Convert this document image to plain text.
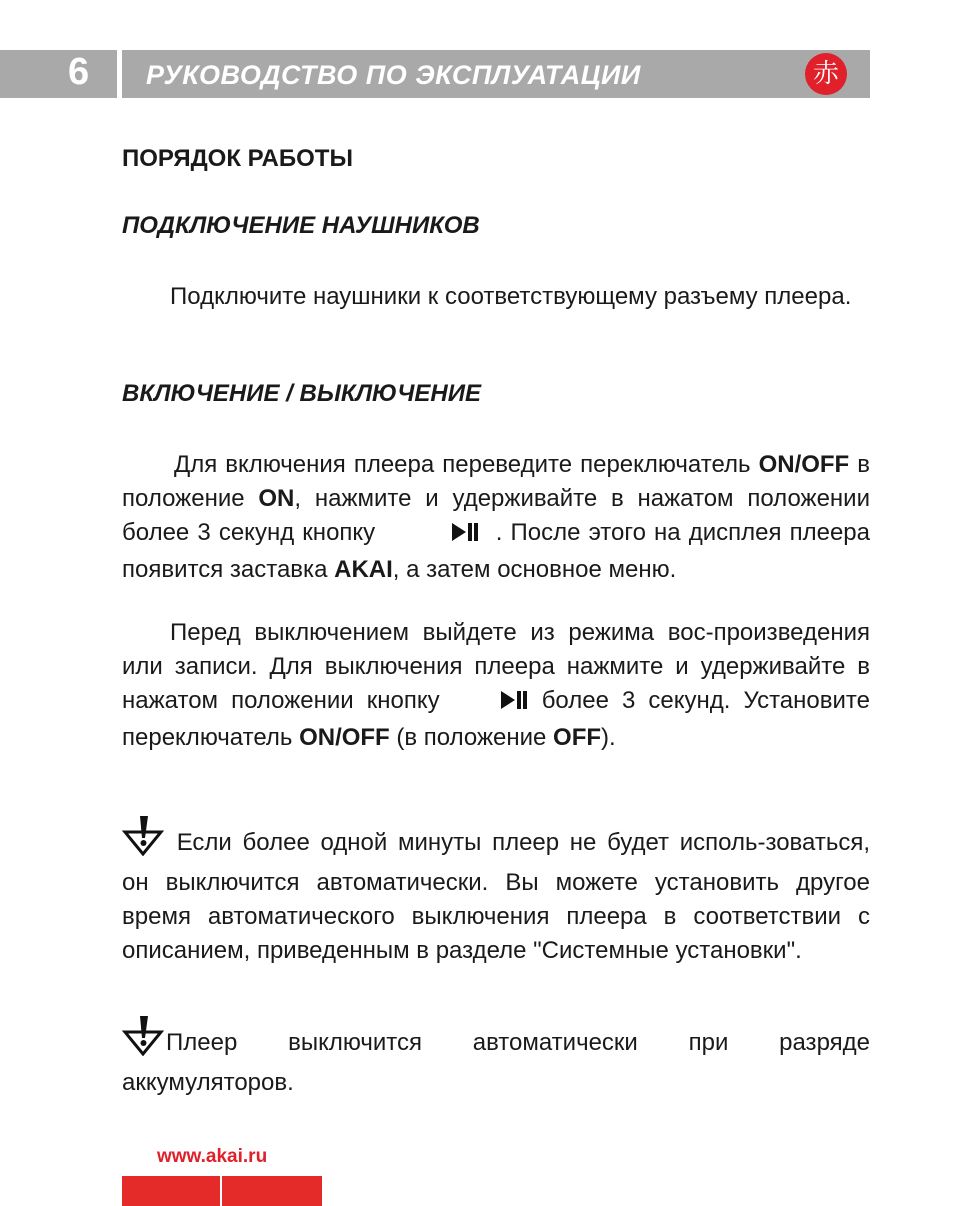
6 РУКОВОДСТВО ПО ЭКСПЛУАТАЦИИ	赤
ПОРЯДОК РАБОТЫ
ПОДКЛЮЧЕНИЕ НАУШНИКОВ

Подключите наушники к соответствующему разъему плеера.

ВКЛЮЧЕНИЕ / ВЫКЛЮЧЕНИЕ

Для включения плеера переведите переключатель ON/OFF в положение ON, нажмите и удерживайте в нажатом положении более 3 секунд кнопку	. После этого на дисплея плеера появится заставка AKAI, а затем основное меню.

Перед выключением выйдете из режима вос-произведения или записи. Для выключения плеера нажмите и удерживайте в нажатом положении кнопку	более 3 секунд. Установите переключатель ON/OFF (в положение OFF).

Если более одной минуты плеер не будет исполь-зоваться, он выключится автоматически. Вы можете установить другое время автоматического выключения плеера в соответствии с описанием, приведенным в разделе "Системные установки".

Плеер выключится автоматически при разряде аккумуляторов.

www.akai.ru
